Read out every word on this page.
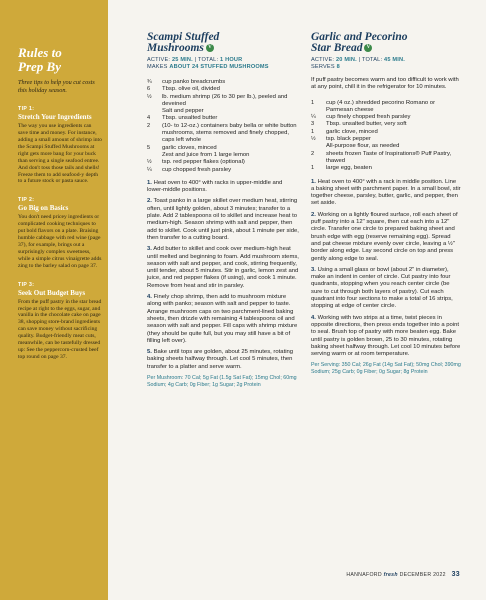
Rules to
Prep By
Three tips to help you cut costs this holiday season.
TIP 1:
Stretch Your Ingredients
The way you use ingredients can save time and money. For instance, adding a small amount of shrimp into the Scampi Stuffed Mushrooms at right gets more bang for your buck than serving a single seafood entree. And don't toss those tails and shells! Freeze them to add seafood-y depth to a future stock or pasta sauce.
TIP 2:
Go Big on Basics
You don't need pricey ingredients or complicated cooking techniques to put bold flavors on a plate. Braising humble cabbage with red wine (page 37), for example, brings out a surprisingly complex sweetness, while a simple citrus vinaigrette adds zing to the barley salad on page 37.
TIP 3:
Seek Out Budget Buys
From the puff pastry in the star bread recipe at right to the eggs, sugar, and vanilla in the chocolate cake on page 38, shopping store-brand ingredients can save money without sacrificing quality. Budget-friendly meat cuts, meanwhile, can be tastefully dressed up: See the peppercorn-crusted beef top round on page 37.
Scampi Stuffed
Mushrooms V
ACTIVE: 25 MIN. | TOTAL: 1 HOUR
MAKES ABOUT 24 STUFFED MUSHROOMS
¾	cup panko breadcrumbs
6	Tbsp. olive oil, divided
½	lb. medium shrimp (26 to 30 per lb.), peeled and deveined
Salt and pepper
4	Tbsp. unsalted butter
2	(10- to 12-oz.) containers baby bella or white button mushrooms, stems removed and finely chopped, caps left whole
5	garlic cloves, minced
Zest and juice from 1 large lemon
½	tsp. red pepper flakes (optional)
¼	cup chopped fresh parsley
1. Heat oven to 400° with racks in upper-middle and lower-middle positions.
2. Toast panko in a large skillet over medium heat, stirring often, until lightly golden, about 3 minutes; transfer to a plate. Add 2 tablespoons oil to skillet and increase heat to medium-high. Season shrimp with salt and pepper, then add to skillet. Cook until just pink, about 1 minute per side, then transfer to a cutting board.
3. Add butter to skillet and cook over medium-high heat until melted and beginning to foam. Add mushroom stems, season with salt and pepper, and cook, stirring frequently, until tender, about 5 minutes. Stir in garlic, lemon zest and juice, and red pepper flakes (if using), and cook 1 minute. Remove from heat and stir in parsley.
4. Finely chop shrimp, then add to mushroom mixture along with panko; season with salt and pepper to taste. Arrange mushroom caps on two parchment-lined baking sheets, then drizzle with remaining 4 tablespoons oil and season with salt and pepper. Fill caps with shrimp mixture (they should be quite full, but you may still have a bit of filling left over).
5. Bake until tops are golden, about 25 minutes, rotating baking sheets halfway through. Let cool 5 minutes, then transfer to a platter and serve warm.
Per Mushroom: 70 Cal; 5g Fat (1.5g Sat Fat); 15mg Chol; 60mg Sodium; 4g Carb; 0g Fiber; 1g Sugar; 2g Protein
Garlic and Pecorino
Star Bread V
ACTIVE: 20 MIN. | TOTAL: 45 MIN.
SERVES 8
If puff pastry becomes warm and too difficult to work with at any point, chill it in the refrigerator for 10 minutes.
1	cup (4 oz.) shredded pecorino Romano or Parmesan cheese
¼	cup finely chopped fresh parsley
3	Tbsp. unsalted butter, very soft
1	garlic clove, minced
½	tsp. black pepper
All-purpose flour, as needed
2	sheets frozen Taste of Inspirations® Puff Pastry, thawed
1	large egg, beaten
1. Heat oven to 400° with a rack in middle position. Line a baking sheet with parchment paper. In a small bowl, stir together cheese, parsley, butter, garlic, and pepper, then set aside.
2. Working on a lightly floured surface, roll each sheet of puff pastry into a 12" square, then cut each into a 12" circle. Transfer one circle to prepared baking sheet and brush edge with egg (reserve remaining egg). Spread and pat cheese mixture evenly over circle, leaving a ½" border along edge. Lay second circle on top and press gently along edge to seal.
3. Using a small glass or bowl (about 2" in diameter), make an indent in center of circle. Cut pastry into four quadrants, stopping when you reach center circle (be sure to cut through both layers of pastry). Cut each quadrant into four sections to make a total of 16 strips, stopping at edge of center circle.
4. Working with two strips at a time, twist pieces in opposite directions, then press ends together into a point to seal. Brush top of pastry with more beaten egg. Bake until pastry is golden brown, 25 to 30 minutes, rotating baking sheet halfway through. Let cool 10 minutes before serving warm or at room temperature.
Per Serving: 350 Cal; 26g Fat (14g Sat Fat); 50mg Chol; 390mg Sodium; 25g Carb; 0g Fiber; 0g Sugar; 8g Protein
HANNAFORD fresh DECEMBER 2022 33
